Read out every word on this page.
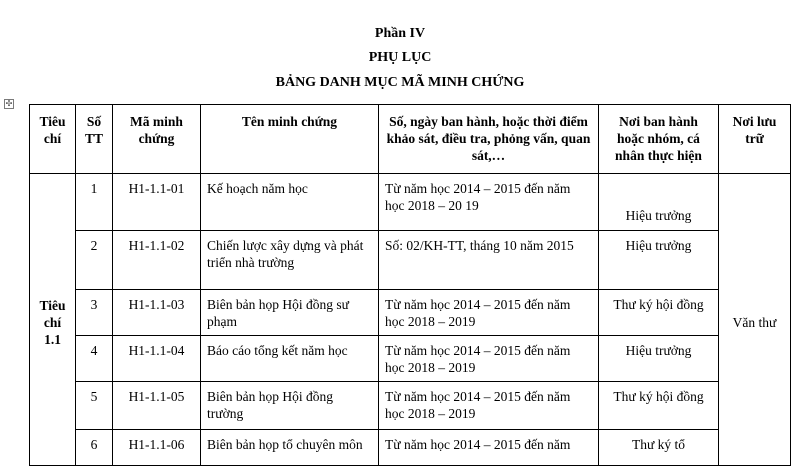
Phần IV
PHỤ LỤC
BẢNG DANH MỤC MÃ MINH CHỨNG
✣
Tiêu chí	Số TT	Mã minh chứng	Tên minh chứng	Số, ngày ban hành, hoặc thời điểm khảo sát, điều tra, phỏng vấn, quan sát,…	Nơi ban hành hoặc nhóm, cá nhân thực hiện	Nơi lưu trữ
Tiêu chí 1.1	1	H1-1.1-01	Kế hoạch năm học	Từ năm học 2014 – 2015 đến năm học 2018 – 20 19	Hiệu trưởng	Văn thư
	2	H1-1.1-02	Chiến lược xây dựng và phát triển nhà trường	Số: 02/KH-TT, tháng 10 năm 2015	Hiệu trưởng	
	3	H1-1.1-03	Biên bản họp Hội đồng sư phạm	Từ năm học 2014 – 2015 đến năm học 2018 – 2019	Thư ký hội đồng	
	4	H1-1.1-04	Báo cáo tổng kết năm học	Từ năm học 2014 – 2015 đến năm học 2018 – 2019	Hiệu trưởng	
	5	H1-1.1-05	Biên bản họp Hội đồng trường	Từ năm học 2014 – 2015 đến năm học 2018 – 2019	Thư ký hội đồng	
	6	H1-1.1-06	Biên bản họp tổ chuyên môn	Từ năm học 2014 – 2015 đến năm	Thư ký tổ	
